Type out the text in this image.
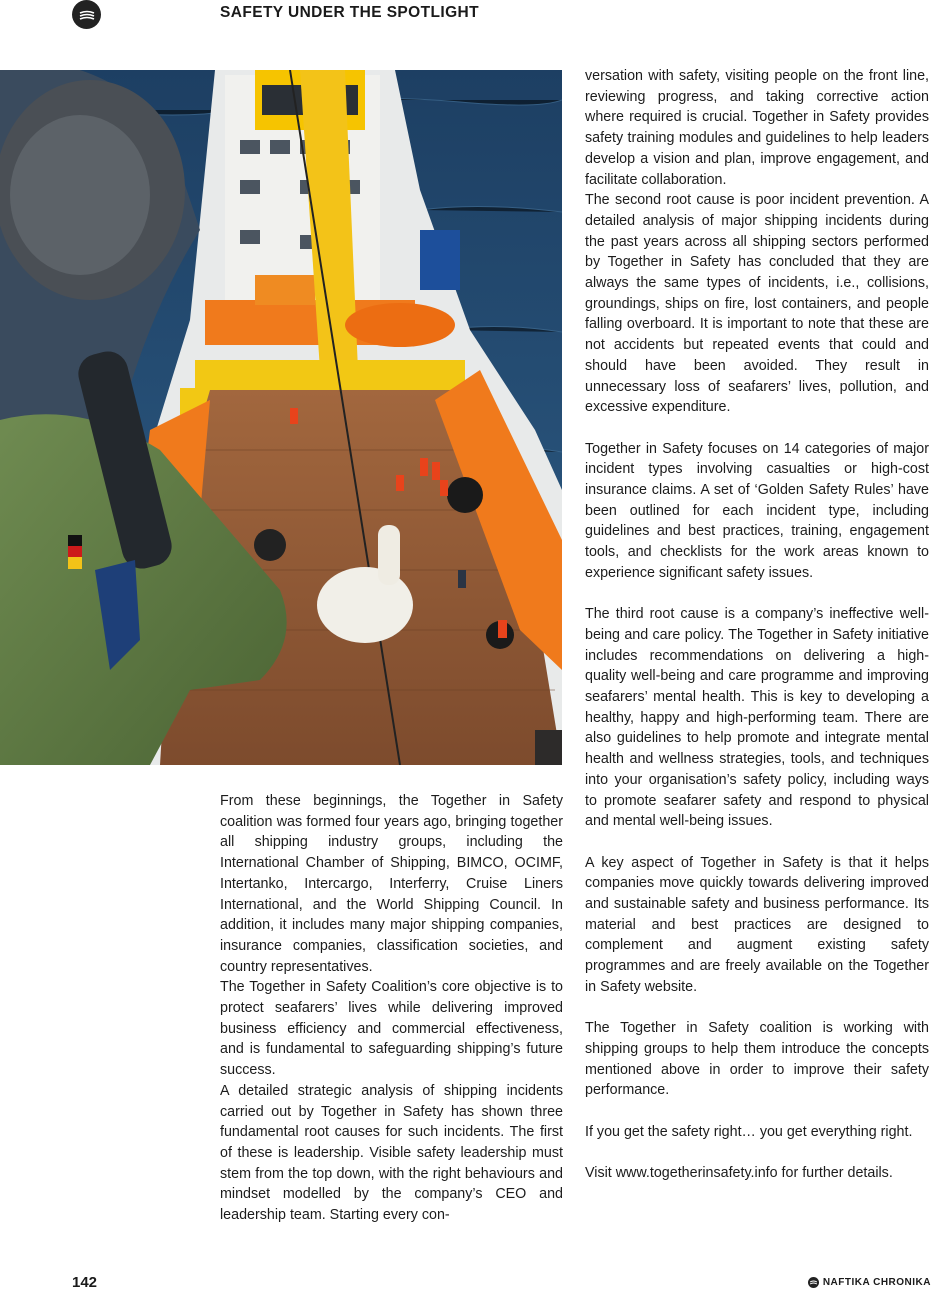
SAFETY UNDER THE SPOTLIGHT

From these beginnings, the Together in Safety coalition was formed four years ago, bringing together all shipping industry groups, including the International Chamber of Shipping, BIMCO, OCIMF, Intertanko, Intercargo, Interferry, Cruise Liners International, and the World Shipping Council. In addition, it includes many major shipping companies, insurance companies, classification societies, and country representatives.

The Together in Safety Coalition’s core objective is to protect seafarers’ lives while delivering improved business efficiency and commercial effectiveness, and is fundamental to safeguarding shipping’s future success.

A detailed strategic analysis of shipping incidents carried out by Together in Safety has shown three fundamental root causes for such incidents. The first of these is leadership. Visible safety leadership must stem from the top down, with the right behaviours and mindset modelled by the company’s CEO and leadership team. Starting every con-

versation with safety, visiting people on the front line, reviewing progress, and taking corrective action where required is crucial. Together in Safety provides safety training modules and guidelines to help leaders develop a vision and plan, improve engagement, and facilitate collaboration.

The second root cause is poor incident prevention. A detailed analysis of major shipping incidents during the past years across all shipping sectors performed by Together in Safety has concluded that they are always the same types of incidents, i.e., collisions, groundings, ships on fire, lost containers, and people falling overboard. It is important to note that these are not accidents but repeated events that could and should have been avoided. They result in unnecessary loss of seafarers’ lives, pollution, and excessive expenditure.

Together in Safety focuses on 14 categories of major incident types involving casualties or high-cost insurance claims. A set of ‘Golden Safety Rules’ have been outlined for each incident type, including guidelines and best practices, training, engagement tools, and checklists for the work areas known to experience significant safety issues.

The third root cause is a company’s ineffective well-being and care policy. The Together in Safety initiative includes recommendations on delivering a high-quality well-being and care programme and improving seafarers’ mental health. This is key to developing a healthy, happy and high-performing team. There are also guidelines to help promote and integrate mental health and wellness strategies, tools, and techniques into your organisation’s safety policy, including ways to promote seafarer safety and respond to physical and mental well-being issues.

A key aspect of Together in Safety is that it helps companies move quickly towards delivering improved and sustainable safety and business performance. Its material and best practices are designed to complement and augment existing safety programmes and are freely available on the Together in Safety website.

The Together in Safety coalition is working with shipping groups to help them introduce the concepts mentioned above in order to improve their safety performance.

If you get the safety right… you get everything right.

Visit www.togetherinsafety.info for further details.

142	NAFTIKA CHRONIKA
